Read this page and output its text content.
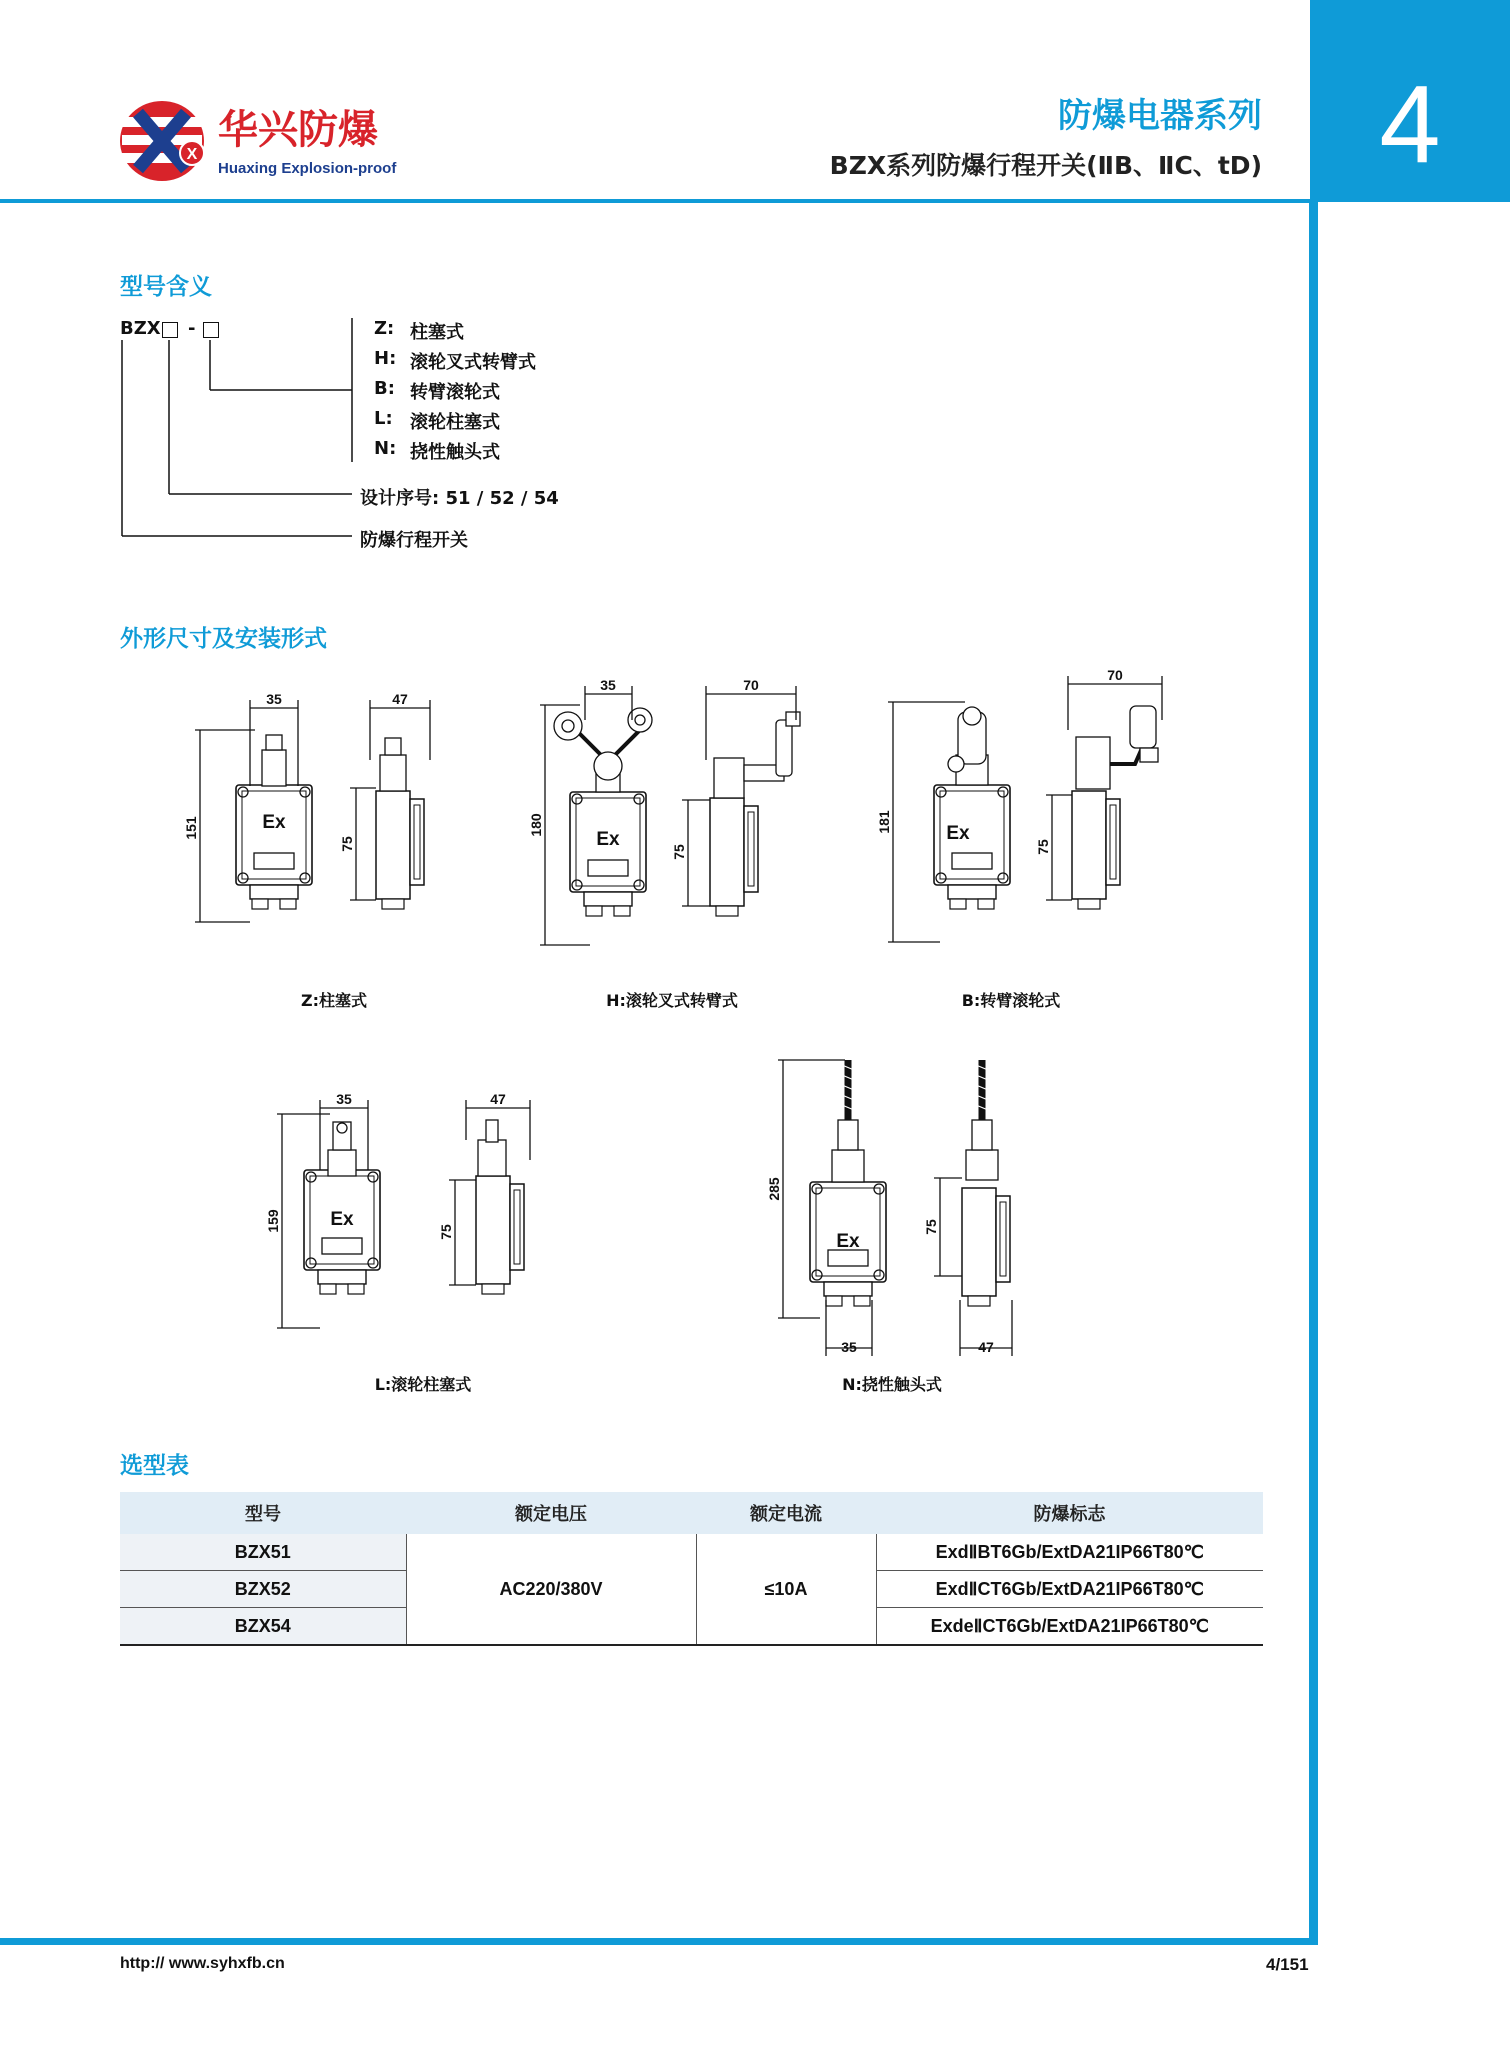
X
华兴防爆
Huaxing Explosion-proof
防爆电器系列
BZX系列防爆行程开关(ⅡB、ⅡC、tD)	4
型号含义
BZX -	Z: 柱塞式
H: 滚轮叉式转臂式
B: 转臂滚轮式
L: 滚轮柱塞式
N: 挠性触头式
设计序号: 51 / 52 / 54
防爆行程开关
外形尺寸及安装形式
35	47
151
75
35	70
180
75
181
70
75
35	47
159	75
285
35	47
75
Ex
Ex	Ex
Ex
Ex
Z:柱塞式	H:滚轮叉式转臂式	B:转臂滚轮式
L:滚轮柱塞式	N:挠性触头式
选型表
型号	额定电压	额定电流	防爆标志
BZX51	AC220/380V	≤10A	ExdⅡBT6Gb/ExtDA21IP66T80℃
BZX52			ExdⅡCT6Gb/ExtDA21IP66T80℃
BZX54			ExdeⅡCT6Gb/ExtDA21IP66T80℃
http:// www.syhxfb.cn	4/151
